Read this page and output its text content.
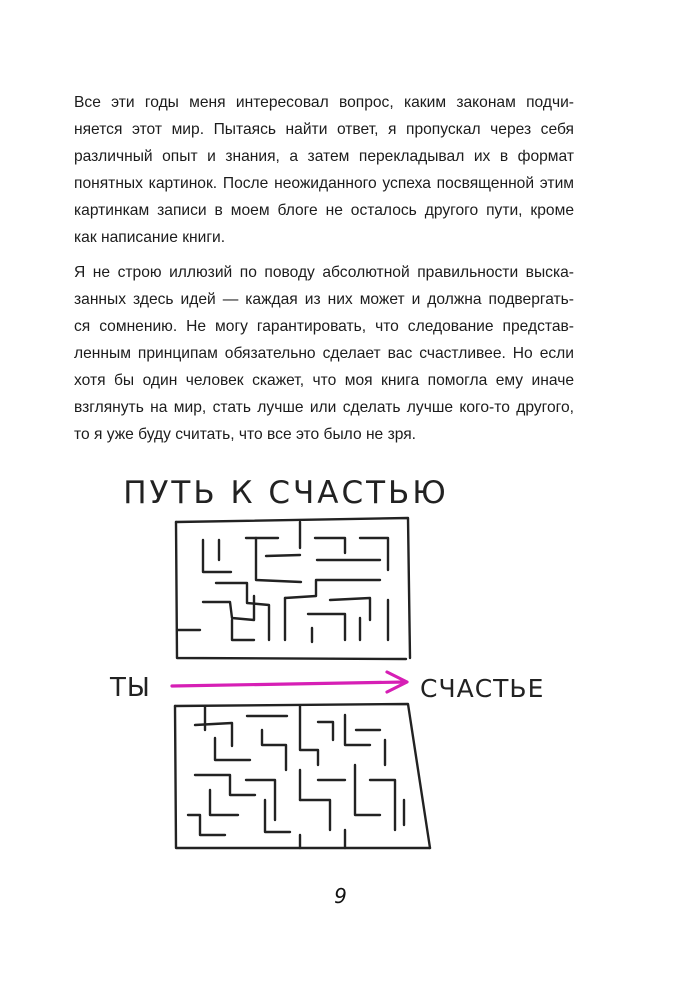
Все эти годы меня интересовал вопрос, каким законам подчи-
няется этот мир. Пытаясь найти ответ, я пропускал через себя
различный опыт и знания, а затем перекладывал их в формат
понятных картинок. После неожиданного успеха посвященной этим
картинкам записи в моем блоге не осталось другого пути, кроме
как написание книги.
Я не строю иллюзий по поводу абсолютной правильности выска-
занных здесь идей — каждая из них может и должна подвергать-
ся сомнению. Не могу гарантировать, что следование представ-
ленным принципам обязательно сделает вас счастливее. Но если
хотя бы один человек скажет, что моя книга помогла ему иначе
взглянуть на мир, стать лучше или сделать лучше кого-то другого,
то я уже буду считать, что все это было не зря.
ПУТЬ К СЧАСТЬЮ
ТЫ	СЧАСТЬЕ
9
